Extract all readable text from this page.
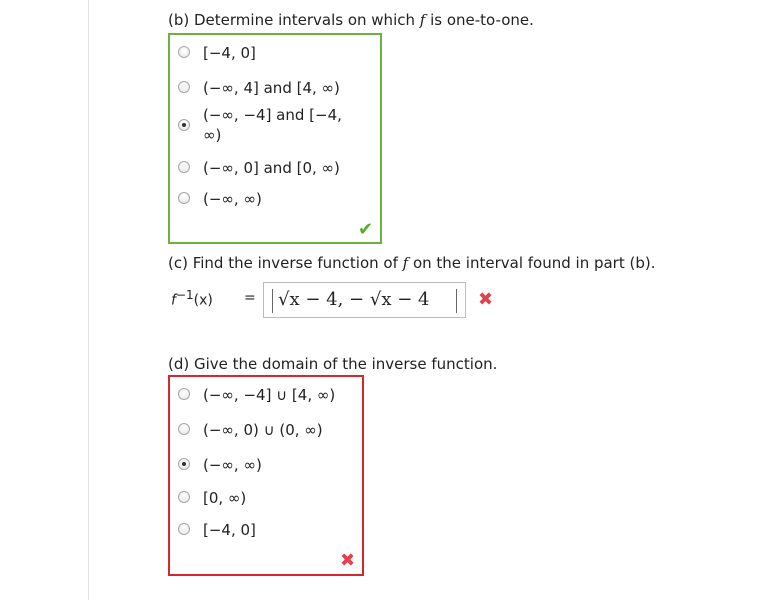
(b) Determine intervals on which f is one-to-one.
[−4, 0]
(−∞, 4] and [4, ∞)
(−∞, −4] and [−4,
∞)
(−∞, 0] and [0, ∞)
(−∞, ∞)
✔
(c) Find the inverse function of f on the interval found in part (b).
$f^{-1}(x) = √x - 4$, − √x − 4	✖
(d) Give the domain of the inverse function.
(−∞, −4] ∪ [4, ∞)
(−∞, 0) ∪ (0, ∞)
(−∞, ∞)
[0, ∞)
[−4, 0]
✖
